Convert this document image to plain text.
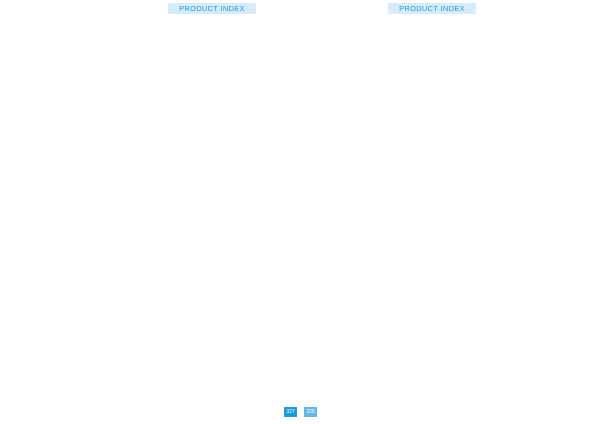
PRODUCT INDEX	PRODUCT INDEX
327	328
